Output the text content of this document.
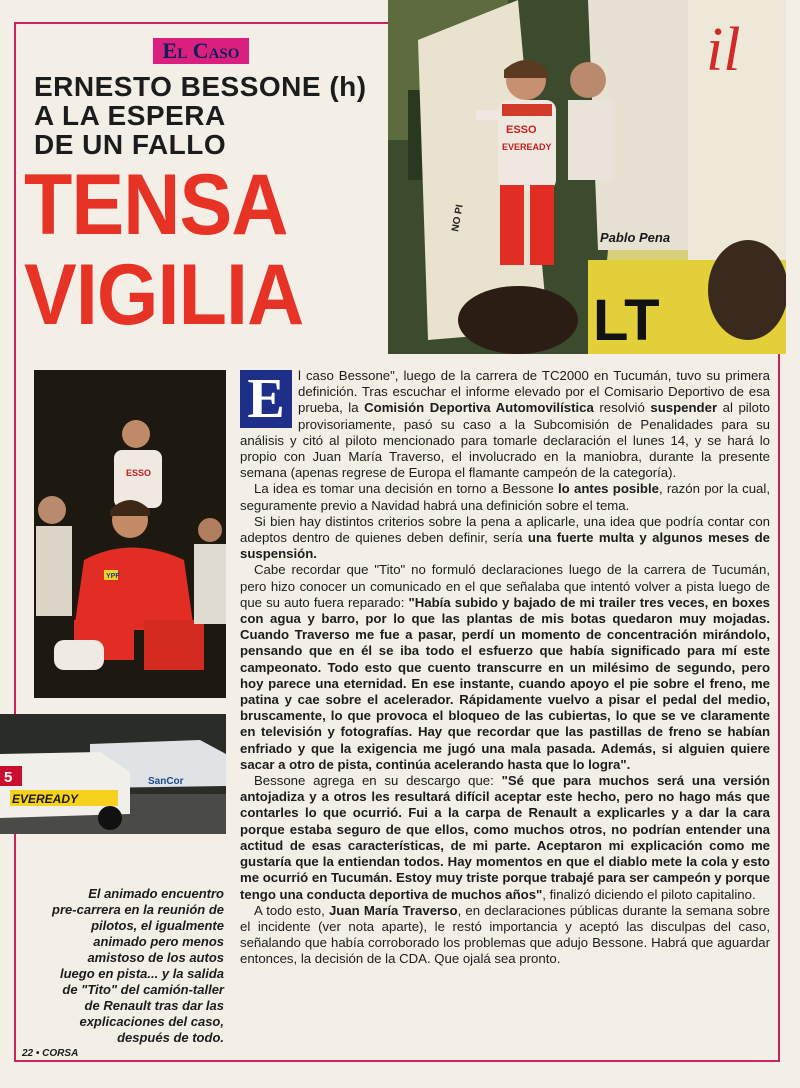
El Caso
ERNESTO BESSONE (h)
A LA ESPERA
DE UN FALLO
TENSA
VIGILIA
il
Pablo Pena
LT
NO PI
ESSO
EVEREADY
ESSO
YPF
SanCor
5
EVEREADY
El animado encuentro
pre-carrera en la reunión de
pilotos, el igualmente
animado pero menos
amistoso de los autos
luego en pista... y la salida
de "Tito" del camión-taller
de Renault tras dar las
explicaciones del caso,
después de todo.
E	l caso Bessone", luego de la carrera de TC2000 en Tucumán, tuvo su primera definición. Tras escuchar el informe elevado por el Comisario Deportivo de esa prueba, la Comisión Deportiva Automovilística resolvió suspender al piloto provisoriamente, pasó su caso a la Subcomisión de Penalidades para su análisis y citó al piloto mencionado para tomarle declaración el lunes 14, y se hará lo propio con Juan María Traverso, el involucrado en la maniobra, durante la presente semana (apenas regrese de Europa el flamante campeón de la categoría).

La idea es tomar una decisión en torno a Bessone lo antes posible, razón por la cual, seguramente previo a Navidad habrá una definición sobre el tema.

Si bien hay distintos criterios sobre la pena a aplicarle, una idea que podría contar con adeptos dentro de quienes deben definir, sería una fuerte multa y algunos meses de suspensión.

Cabe recordar que "Tito" no formuló declaraciones luego de la carrera de Tucumán, pero hizo conocer un comunicado en el que señalaba que intentó volver a pista luego de que su auto fuera reparado: "Había subido y bajado de mi trailer tres veces, en boxes con agua y barro, por lo que las plantas de mis botas quedaron muy mojadas. Cuando Traverso me fue a pasar, perdí un momento de concentración mirándolo, pensando que en él se iba todo el esfuerzo que había significado para mí este campeonato. Todo esto que cuento transcurre en un milésimo de segundo, pero hoy parece una eternidad. En ese instante, cuando apoyo el pie sobre el freno, me patina y cae sobre el acelerador. Rápidamente vuelvo a pisar el pedal del medio, bruscamente, lo que provoca el bloqueo de las cubiertas, lo que se ve claramente en televisión y fotografías. Hay que recordar que las pastillas de freno se habían enfriado y que la exigencia me jugó una mala pasada. Además, si alguien quiere sacar a otro de pista, continúa acelerando hasta que lo logra".

Bessone agrega en su descargo que: "Sé que para muchos será una versión antojadiza y a otros les resultará difícil aceptar este hecho, pero no hago más que contarles lo que ocurrió. Fui a la carpa de Renault a explicarles y a dar la cara porque estaba seguro de que ellos, como muchos otros, no podrían entender una actitud de esas características, de mi parte. Aceptaron mi explicación como me gustaría que la entiendan todos. Hay momentos en que el diablo mete la cola y esto me ocurrió en Tucumán. Estoy muy triste porque trabajé para ser campeón y porque tengo una conducta deportiva de muchos años", finalizó diciendo el piloto capitalino.

A todo esto, Juan María Traverso, en declaraciones públicas durante la semana sobre el incidente (ver nota aparte), le restó importancia y aceptó las disculpas del caso, señalando que había corroborado los problemas que adujo Bessone. Habrá que aguardar entonces, la decisión de la CDA. Que ojalá sea pronto.

22 • CORSA
